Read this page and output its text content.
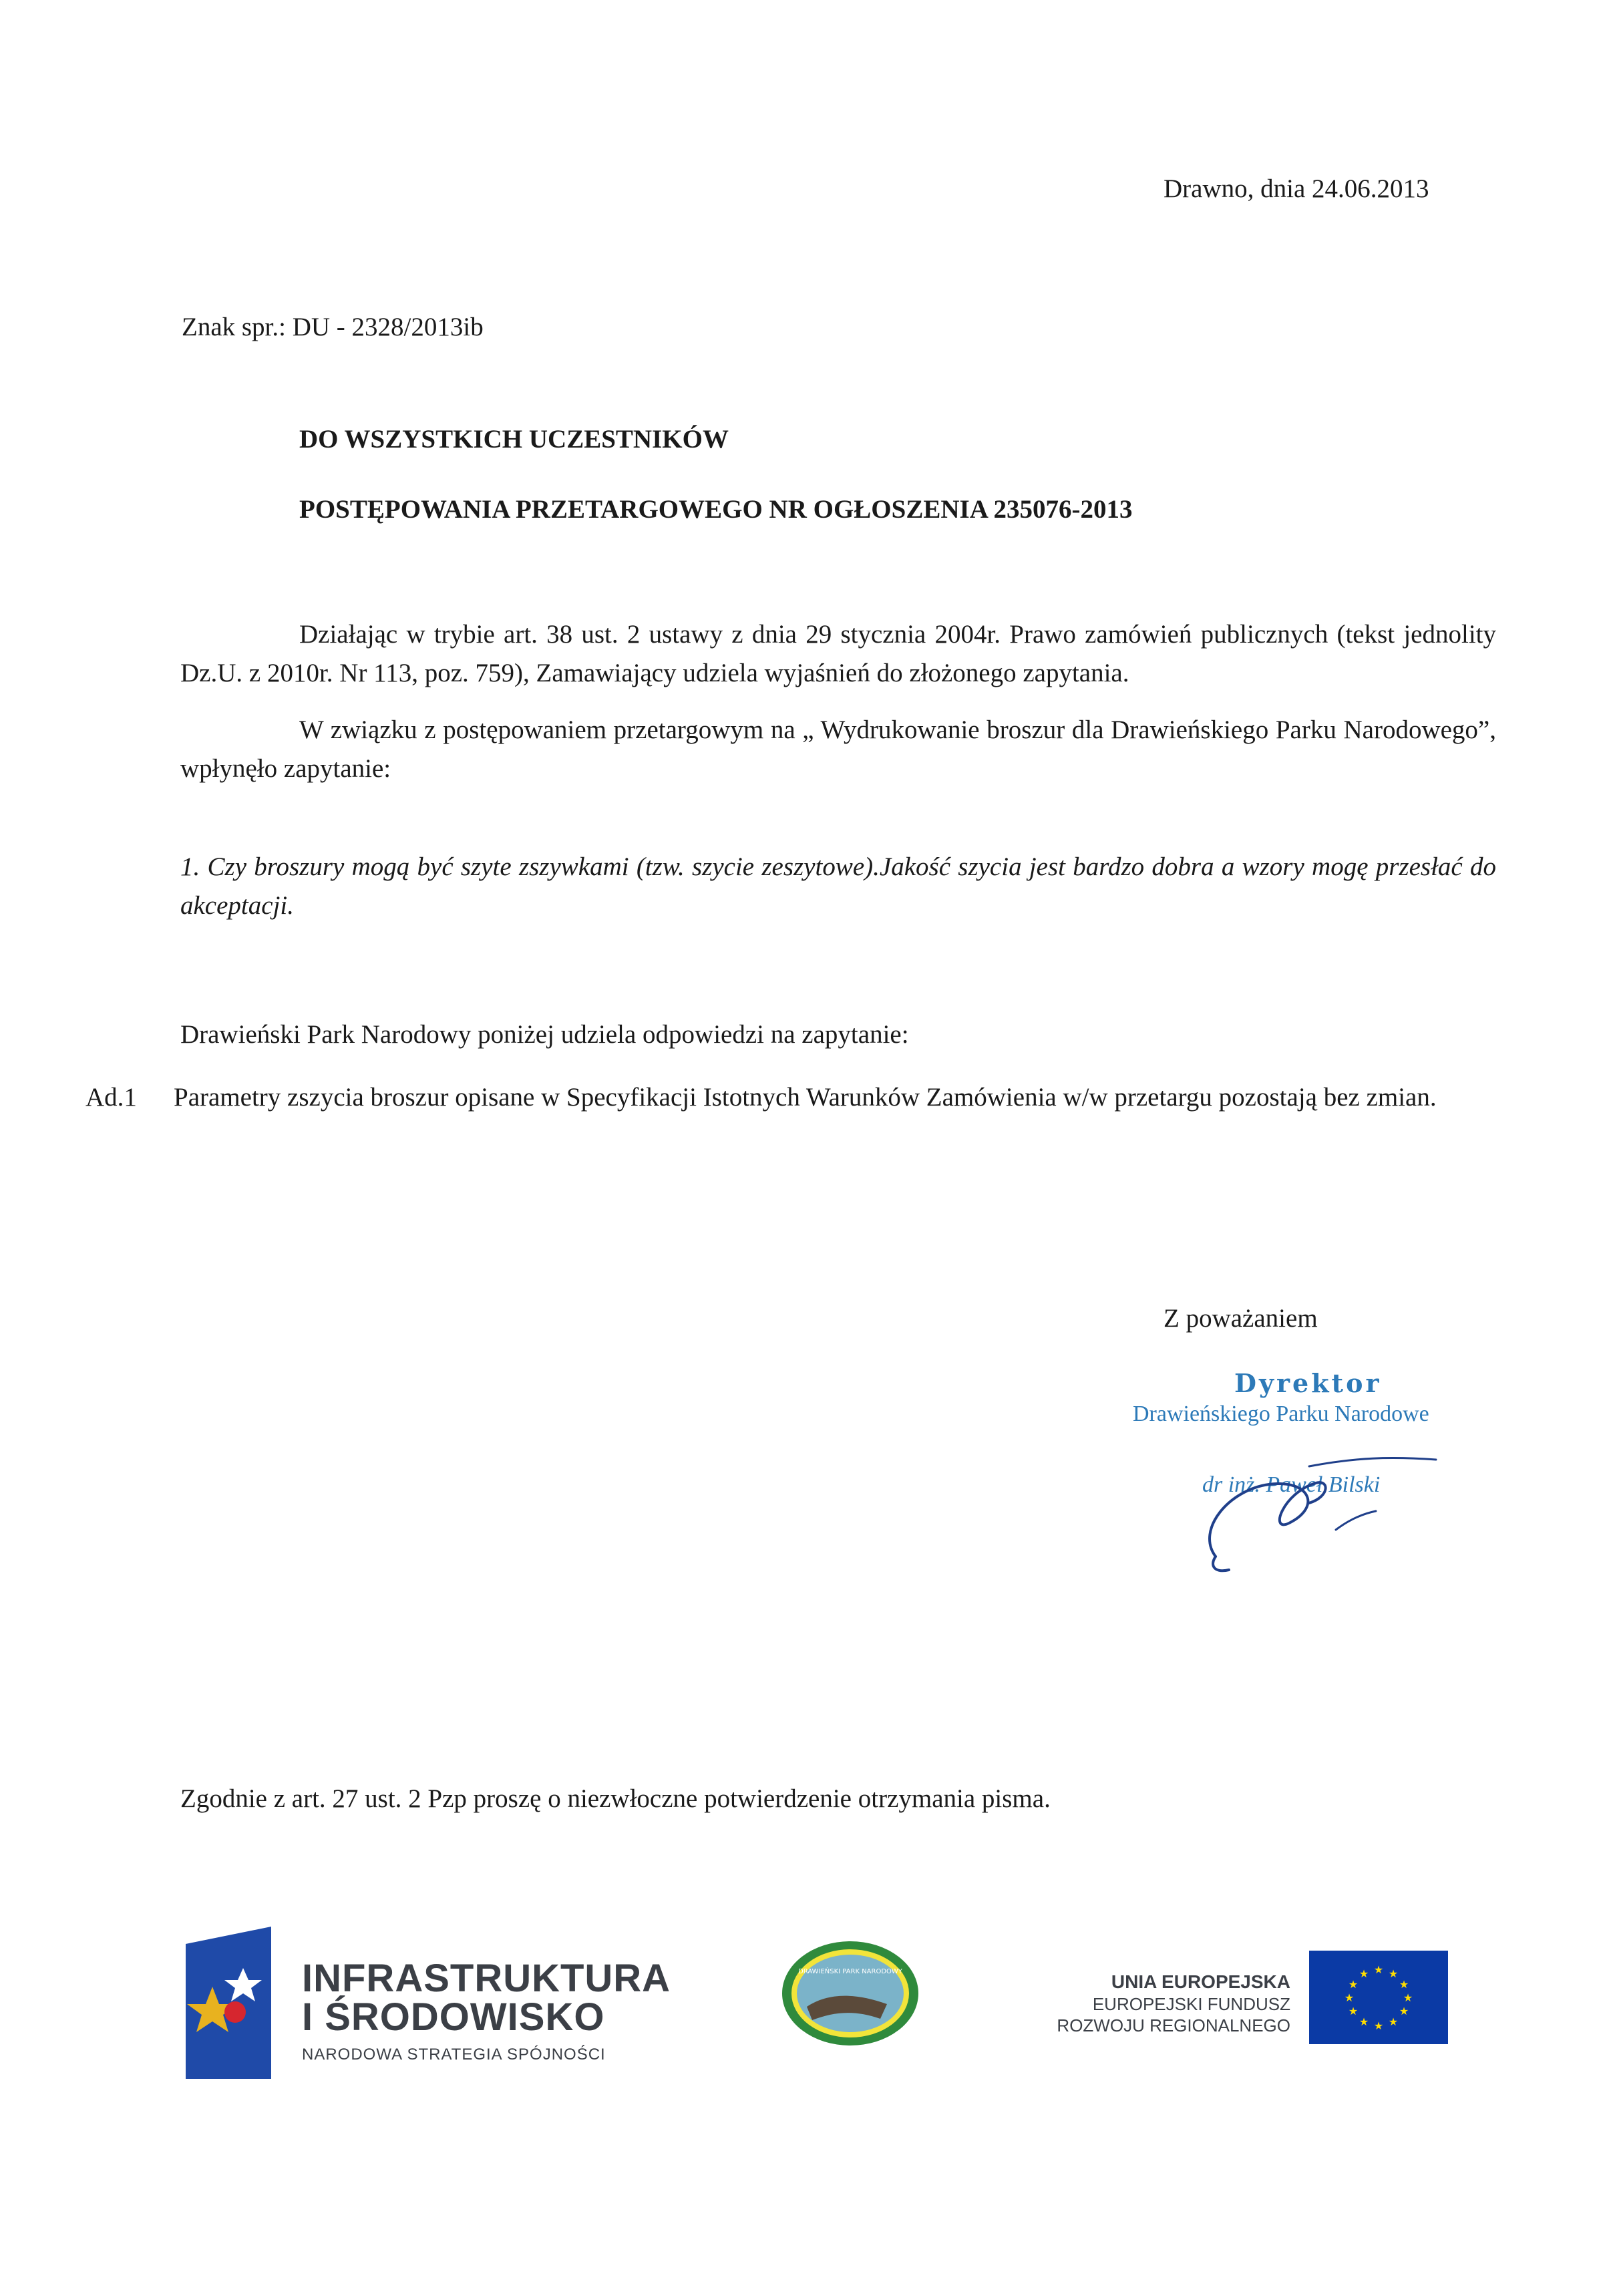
Drawno, dnia 24.06.2013
Znak spr.: DU - 2328/2013ib
DO WSZYSTKICH UCZESTNIKÓW
POSTĘPOWANIA PRZETARGOWEGO NR OGŁOSZENIA 235076-2013
Działając w trybie art. 38 ust. 2 ustawy z dnia 29 stycznia 2004r. Prawo zamówień publicznych (tekst jednolity Dz.U. z 2010r. Nr 113, poz. 759), Zamawiający udziela wyjaśnień do złożonego zapytania.
W związku z postępowaniem przetargowym na „ Wydrukowanie broszur dla Drawieńskiego Parku Narodowego”, wpłynęło zapytanie:
1. Czy broszury mogą być szyte zszywkami (tzw. szycie zeszytowe).Jakość szycia jest bardzo dobra a wzory mogę przesłać do akceptacji.
Drawieński Park Narodowy poniżej udziela odpowiedzi na zapytanie:
Ad.1	Parametry zszycia broszur opisane w Specyfikacji Istotnych Warunków Zamówienia w/w przetargu pozostają bez zmian.
Z poważaniem
Dyrektor
Drawieńskiego Parku Narodowe
dr inż. Paweł Bilski
Zgodnie z art. 27 ust. 2 Pzp proszę o niezwłoczne potwierdzenie otrzymania pisma.
INFRASTRUKTURA
I ŚRODOWISKO
NARODOWA STRATEGIA SPÓJNOŚCI
DRAWIEŃSKI PARK NARODOWY	UNIA EUROPEJSKA
EUROPEJSKI FUNDUSZ
ROZWOJU REGIONALNEGO
★ ★
★
★
★
★
★
★
★
★
★
★
